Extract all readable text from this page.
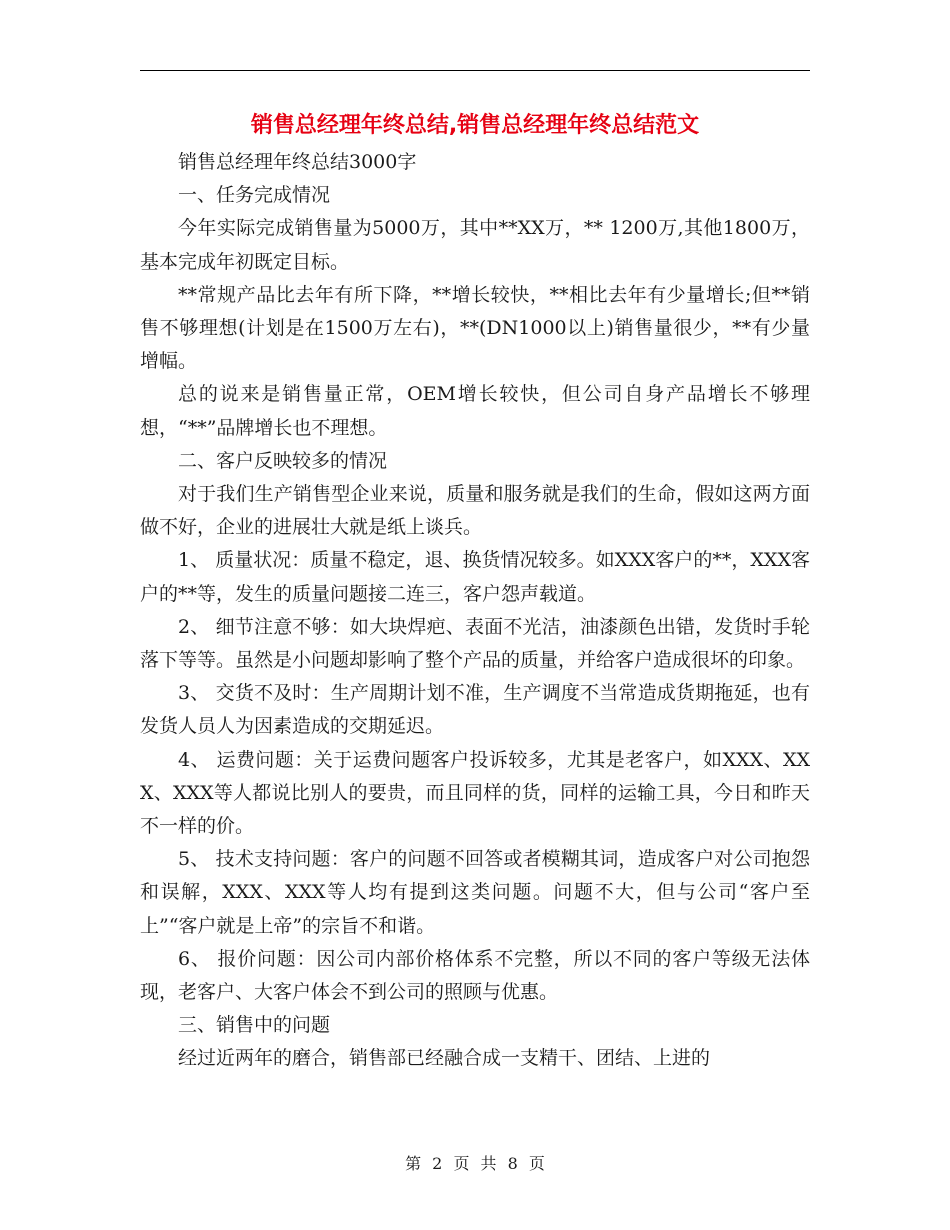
销售总经理年终总结,销售总经理年终总结范文

销售总经理年终总结3000字

一、任务完成情况

今年实际完成销售量为5000万，其中**XX万，** 1200万,其他1800万，基本完成年初既定目标。

**常规产品比去年有所下降，**增长较快，**相比去年有少量增长;但**销售不够理想(计划是在1500万左右)，**(DN1000以上)销售量很少，**有少量增幅。

总的说来是销售量正常，OEM增长较快，但公司自身产品增长不够理想，“**”品牌增长也不理想。

二、客户反映较多的情况

对于我们生产销售型企业来说，质量和服务就是我们的生命，假如这两方面做不好，企业的进展壮大就是纸上谈兵。

1、 质量状况：质量不稳定，退、换货情况较多。如XXX客户的**，XXX客户的**等，发生的质量问题接二连三，客户怨声载道。

2、 细节注意不够：如大块焊疤、表面不光洁，油漆颜色出错，发货时手轮落下等等。虽然是小问题却影响了整个产品的质量，并给客户造成很坏的印象。

3、 交货不及时：生产周期计划不准，生产调度不当常造成货期拖延，也有发货人员人为因素造成的交期延迟。

4、 运费问题：关于运费问题客户投诉较多，尤其是老客户，如XXX、XXX、XXX等人都说比别人的要贵，而且同样的货，同样的运输工具，今日和昨天不一样的价。

5、 技术支持问题：客户的问题不回答或者模糊其词，造成客户对公司抱怨和误解，XXX、XXX等人均有提到这类问题。问题不大，但与公司“客户至上”“客户就是上帝”的宗旨不和谐。

6、 报价问题：因公司内部价格体系不完整，所以不同的客户等级无法体现，老客户、大客户体会不到公司的照顾与优惠。

三、销售中的问题

经过近两年的磨合，销售部已经融合成一支精干、团结、上进的

第 2 页 共 8 页
